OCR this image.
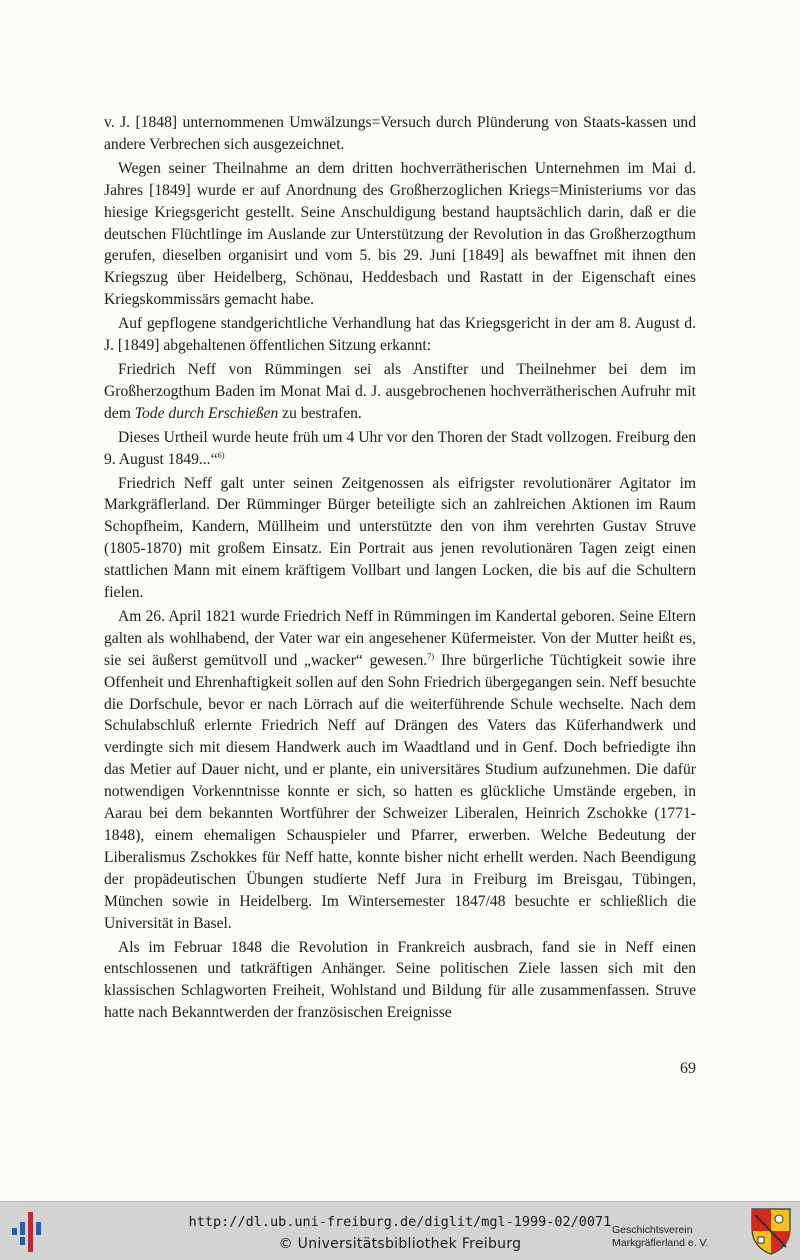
v. J. [1848] unternommenen Umwälzungs=Versuch durch Plünderung von Staats-kassen und andere Verbrechen sich ausgezeichnet.

Wegen seiner Theilnahme an dem dritten hochverrätherischen Unternehmen im Mai d. Jahres [1849] wurde er auf Anordnung des Großherzoglichen Kriegs=Ministeriums vor das hiesige Kriegsgericht gestellt. Seine Anschuldigung bestand hauptsächlich darin, daß er die deutschen Flüchtlinge im Auslande zur Unterstützung der Revolution in das Großherzogthum gerufen, dieselben organisirt und vom 5. bis 29. Juni [1849] als bewaffnet mit ihnen den Kriegszug über Heidelberg, Schönau, Heddesbach und Rastatt in der Eigenschaft eines Kriegskommissärs gemacht habe.

Auf gepflogene standgerichtliche Verhandlung hat das Kriegsgericht in der am 8. August d. J. [1849] abgehaltenen öffentlichen Sitzung erkannt:

Friedrich Neff von Rümmingen sei als Anstifter und Theilnehmer bei dem im Großherzogthum Baden im Monat Mai d. J. ausgebrochenen hochverrätherischen Aufruhr mit dem Tode durch Erschießen zu bestrafen.

Dieses Urtheil wurde heute früh um 4 Uhr vor den Thoren der Stadt vollzogen. Freiburg den 9. August 1849...“$^{6)}$

Friedrich Neff galt unter seinen Zeitgenossen als eifrigster revolutionärer Agitator im Markgräflerland. Der Rümminger Bürger beteiligte sich an zahlreichen Aktionen im Raum Schopfheim, Kandern, Müllheim und unterstützte den von ihm verehrten Gustav Struve (1805-1870) mit großem Einsatz. Ein Portrait aus jenen revolutionären Tagen zeigt einen stattlichen Mann mit einem kräftigem Vollbart und langen Locken, die bis auf die Schultern fielen.

Am 26. April 1821 wurde Friedrich Neff in Rümmingen im Kandertal geboren. Seine Eltern galten als wohlhabend, der Vater war ein angesehener Küfermeister. Von der Mutter heißt es, sie sei äußerst gemütvoll und „wacker“ gewesen.$^{7)}$ Ihre bürgerliche Tüchtigkeit sowie ihre Offenheit und Ehrenhaftigkeit sollen auf den Sohn Friedrich übergegangen sein. Neff besuchte die Dorfschule, bevor er nach Lörrach auf die weiterführende Schule wechselte. Nach dem Schulabschluß erlernte Friedrich Neff auf Drängen des Vaters das Küferhandwerk und verdingte sich mit diesem Handwerk auch im Waadtland und in Genf. Doch befriedigte ihn das Metier auf Dauer nicht, und er plante, ein universitäres Studium aufzunehmen. Die dafür notwendigen Vorkenntnisse konnte er sich, so hatten es glückliche Umstände ergeben, in Aarau bei dem bekannten Wortführer der Schweizer Liberalen, Heinrich Zschokke (1771-1848), einem ehemaligen Schauspieler und Pfarrer, erwerben. Welche Bedeutung der Liberalismus Zschokkes für Neff hatte, konnte bisher nicht erhellt werden. Nach Beendigung der propädeutischen Übungen studierte Neff Jura in Freiburg im Breisgau, Tübingen, München sowie in Heidelberg. Im Wintersemester 1847/48 besuchte er schließlich die Universität in Basel.

Als im Februar 1848 die Revolution in Frankreich ausbrach, fand sie in Neff einen entschlossenen und tatkräftigen Anhänger. Seine politischen Ziele lassen sich mit den klassischen Schlagworten Freiheit, Wohlstand und Bildung für alle zusammenfassen. Struve hatte nach Bekanntwerden der französischen Ereignisse

69
http://dl.ub.uni-freiburg.de/diglit/mgl-1999-02/0071
© Universitätsbibliothek Freiburg
Geschichtsverein
Markgräflerland e. V.
